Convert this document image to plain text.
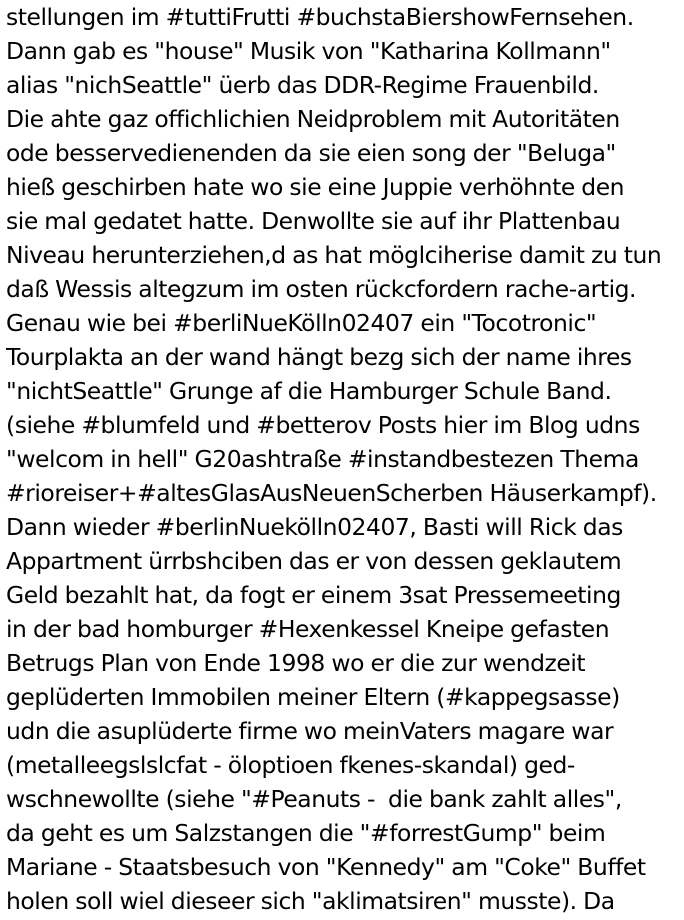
stellungen im #tuttiFrutti #buchstaBiershowFernsehen. Dann gab es "house" Musik von "Katharina Kollmann" alias "nichSeattle" üerb das DDR-Regime Frauenbild. Die ahte gaz offichlichien Neidproblem mit Autoritäten ode besservedienenden da sie eien song der "Beluga" hieß geschirben hate wo sie eine Juppie verhöhnte den sie mal gedatet hatte. Denwollte sie auf ihr Plattenbau Niveau herunterziehen,d as hat möglciherise damit zu tun daß Wessis altegzum im osten rückcfordern rache-artig. Genau wie bei #berliNueKölln02407 ein "Tocotronic" Tourplakta an der wand hängt bezg sich der name ihres "nichtSeattle" Grunge af die Hamburger Schule Band. (siehe #blumfeld und #betterov Posts hier im Blog udns "welcom in hell" G20ashtraße #instandbestezen Thema #rioreiser+#altesGlasAusNeuenScherben Häuserkampf). Dann wieder #berlinNuekölln02407, Basti will Rick das Appartment ürrbshciben das er von dessen geklautem Geld bezahlt hat, da fogt er einem 3sat Pressemeeting in der bad homburger #Hexenkessel Kneipe gefasten Betrugs Plan von Ende 1998 wo er die zur wendzeit geplüderten Immobilen meiner Eltern (#kappegsasse) udn die asuplüderte firme wo meinVaters magare war (metalleegslslcfat - öloptioen fkenes-skandal) ged- wschnewollte (siehe "#Peanuts -  die bank zahlt alles", da geht es um Salzstangen die "#forrestGump" beim Mariane - Staatsbesuch von "Kennedy" am "Coke" Buffet holen soll wiel dieseer sich "aklimatsiren" musste). Da
